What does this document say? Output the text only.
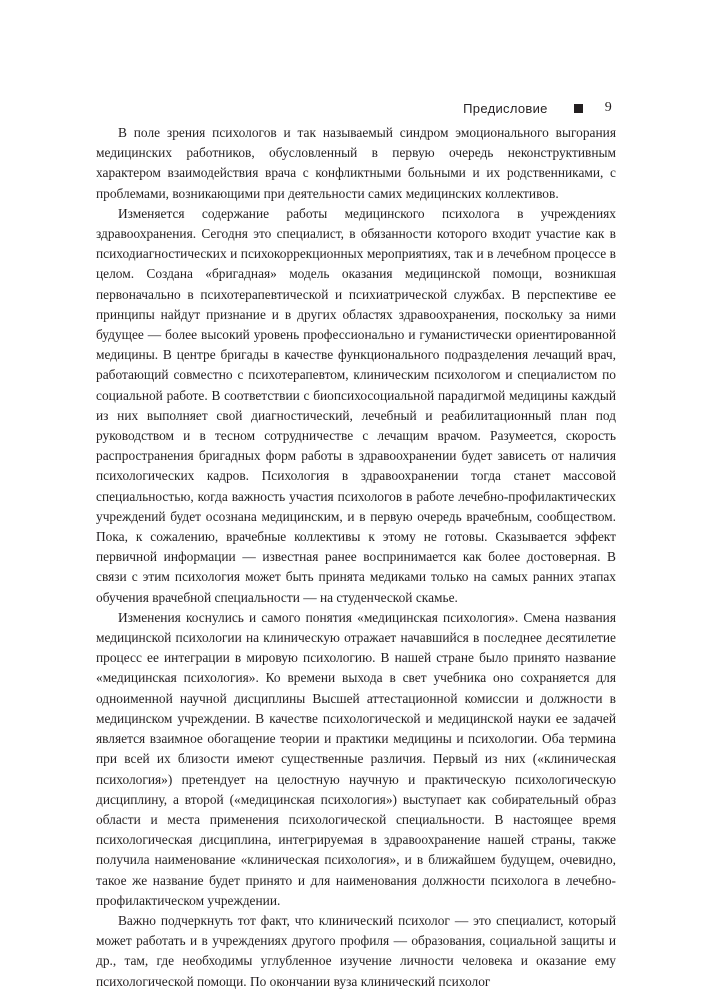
Предисловие	9

В поле зрения психологов и так называемый синдром эмоционального выгорания медицинских работников, обусловленный в первую очередь неконструктивным характером взаимодействия врача с конфликтными больными и их родственниками, с проблемами, возникающими при деятельности самих медицинских коллективов.

Изменяется содержание работы медицинского психолога в учреждениях здравоохранения. Сегодня это специалист, в обязанности которого входит участие как в психодиагностических и психокоррекционных мероприятиях, так и в лечебном процессе в целом. Создана «бригадная» модель оказания медицинской помощи, возникшая первоначально в психотерапевтической и психиатрической службах. В перспективе ее принципы найдут признание и в других областях здравоохранения, поскольку за ними будущее — более высокий уровень профессионально и гуманистически ориентированной медицины. В центре бригады в качестве функционального подразделения лечащий врач, работающий совместно с психотерапевтом, клиническим психологом и специалистом по социальной работе. В соответствии с биопсихосоциальной парадигмой медицины каждый из них выполняет свой диагностический, лечебный и реабилитационный план под руководством и в тесном сотрудничестве с лечащим врачом. Разумеется, скорость распространения бригадных форм работы в здравоохранении будет зависеть от наличия психологических кадров. Психология в здравоохранении тогда станет массовой специальностью, когда важность участия психологов в работе лечебно-профилактических учреждений будет осознана медицинским, и в первую очередь врачебным, сообществом. Пока, к сожалению, врачебные коллективы к этому не готовы. Сказывается эффект первичной информации — известная ранее воспринимается как более достоверная. В связи с этим психология может быть принята медиками только на самых ранних этапах обучения врачебной специальности — на студенческой скамье.

Изменения коснулись и самого понятия «медицинская психология». Смена названия медицинской психологии на клиническую отражает начавшийся в последнее десятилетие процесс ее интеграции в мировую психологию. В нашей стране было принято название «медицинская психология». Ко времени выхода в свет учебника оно сохраняется для одноименной научной дисциплины Высшей аттестационной комиссии и должности в медицинском учреждении. В качестве психологической и медицинской науки ее задачей является взаимное обогащение теории и практики медицины и психологии. Оба термина при всей их близости имеют существенные различия. Первый из них («клиническая психология») претендует на целостную научную и практическую психологическую дисциплину, а второй («медицинская психология») выступает как собирательный образ области и места применения психологической специальности. В настоящее время психологическая дисциплина, интегрируемая в здравоохранение нашей страны, также получила наименование «клиническая психология», и в ближайшем будущем, очевидно, такое же название будет принято и для наименования должности психолога в лечебно-профилактическом учреждении.

Важно подчеркнуть тот факт, что клинический психолог — это специалист, который может работать и в учреждениях другого профиля — образования, социальной защиты и др., там, где необходимы углубленное изучение личности человека и оказание ему психологической помощи. По окончании вуза клинический психолог
